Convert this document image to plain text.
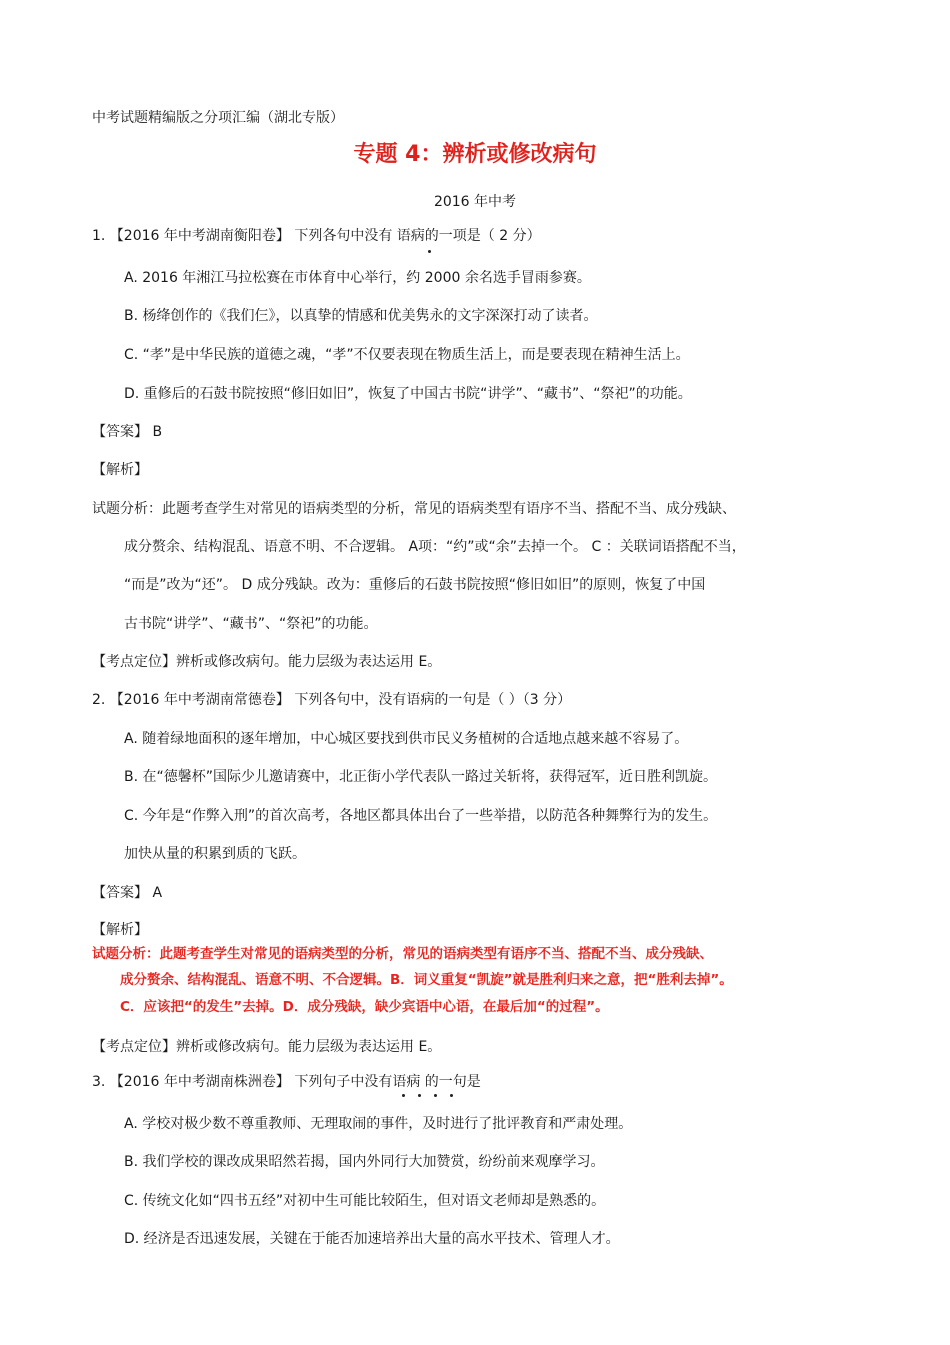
中考试题精编版之分项汇编（湖北专版）
专题 4：辨析或修改病句
2016 年中考
1. 【2016 年中考湖南衡阳卷】 下列各句中没有 语病的一项是（ 2 分）
A. 2016 年湘江马拉松赛在市体育中心举行，约 2000 余名选手冒雨参赛。
B. 杨绛创作的《我们仨》，以真挚的情感和优美隽永的文字深深打动了读者。
C. “孝”是中华民族的道德之魂，“孝”不仅要表现在物质生活上，而是要表现在精神生活上。
D. 重修后的石鼓书院按照“修旧如旧”，恢复了中国古书院“讲学”、“藏书”、“祭祀”的功能。
【答案】 B
【解析】
试题分析：此题考查学生对常见的语病类型的分析，常见的语病类型有语序不当、搭配不当、成分残缺、
成分赘余、结构混乱、语意不明、不合逻辑。 A项：“约”或“余”去掉一个。 C ：关联词语搭配不当，
“而是”改为“还”。 D 成分残缺。改为：重修后的石鼓书院按照“修旧如旧”的原则，恢复了中国
古书院“讲学”、“藏书”、“祭祀”的功能。
【考点定位】辨析或修改病句。能力层级为表达运用 E。
2. 【2016 年中考湖南常德卷】 下列各句中，没有语病的一句是（ ）（3 分）
A. 随着绿地面积的逐年增加，中心城区要找到供市民义务植树的合适地点越来越不容易了。
B. 在“德馨杯”国际少儿邀请赛中，北正街小学代表队一路过关斩将，获得冠军，近日胜利凯旋。
C. 今年是“作弊入刑”的首次高考，各地区都具体出台了一些举措，以防范各种舞弊行为的发生。
加快从量的积累到质的飞跃。
【答案】 A
【解析】
试题分析：此题考查学生对常见的语病类型的分析，常见的语病类型有语序不当、搭配不当、成分残缺、
成分赘余、结构混乱、语意不明、不合逻辑。B．词义重复“凯旋”就是胜利归来之意，把“胜利去掉”。
C．应该把“的发生”去掉。D．成分残缺，缺少宾语中心语，在最后加“的过程”。
【考点定位】辨析或修改病句。能力层级为表达运用 E。
3. 【2016 年中考湖南株洲卷】 下列句子中没有语病 的一句是
A. 学校对极少数不尊重教师、无理取闹的事件，及时进行了批评教育和严肃处理。
B. 我们学校的课改成果昭然若揭，国内外同行大加赞赏，纷纷前来观摩学习。
C. 传统文化如“四书五经”对初中生可能比较陌生，但对语文老师却是熟悉的。
D. 经济是否迅速发展，关键在于能否加速培养出大量的高水平技术、管理人才。
